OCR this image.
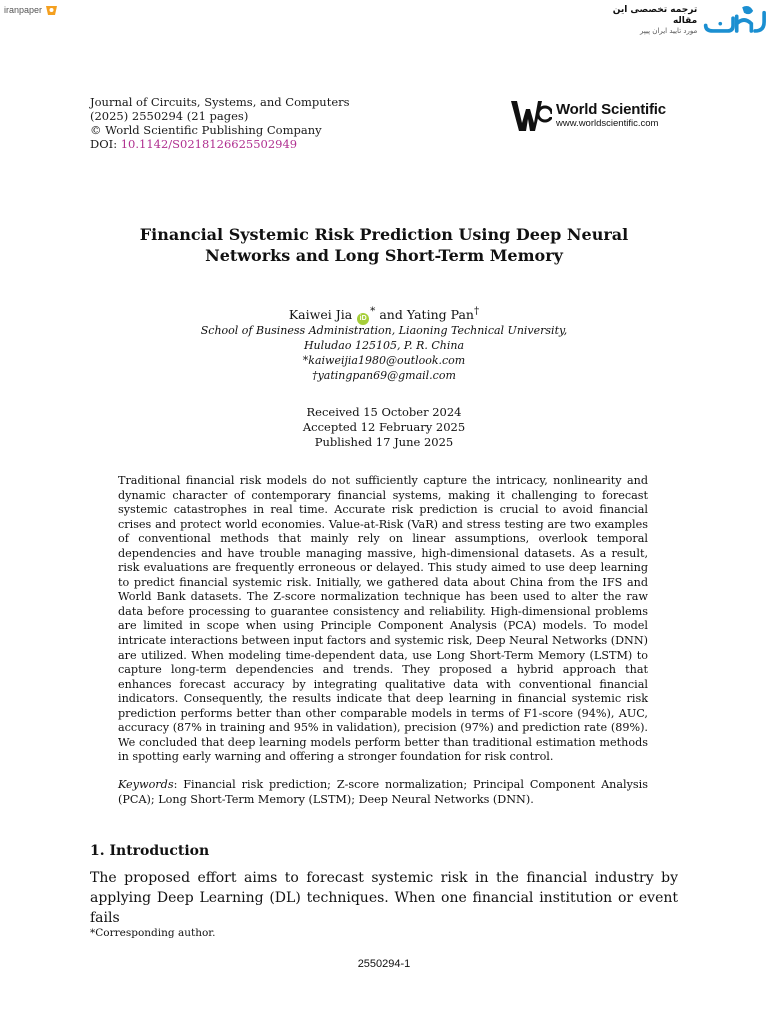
iranpaper	ترجمه تخصصی این مقاله
مورد تایید ایران پیپر
Journal of Circuits, Systems, and Computers
(2025) 2550294 (21 pages)
© World Scientific Publishing Company
DOI: 10.1142/S0218126625502949
World Scientific
www.worldscientific.com
Financial Systemic Risk Prediction Using Deep Neural
Networks and Long Short-Term Memory
Kaiwei Jia iD* and Yating Pan†
School of Business Administration, Liaoning Technical University,
Huludao 125105, P. R. China
*kaiweijia1980@outlook.com
†yatingpan69@gmail.com
Received 15 October 2024
Accepted 12 February 2025
Published 17 June 2025

Traditional financial risk models do not sufficiently capture the intricacy, nonlinearity and dynamic character of contemporary financial systems, making it challenging to forecast systemic catastrophes in real time. Accurate risk prediction is crucial to avoid financial crises and protect world economies. Value-at-Risk (VaR) and stress testing are two examples of conventional methods that mainly rely on linear assumptions, overlook temporal dependencies and have trouble managing massive, high-dimensional datasets. As a result, risk evaluations are frequently erroneous or delayed. This study aimed to use deep learning to predict financial systemic risk. Initially, we gathered data about China from the IFS and World Bank datasets. The Z-score normalization technique has been used to alter the raw data before processing to guarantee consistency and reliability. High-dimensional problems are limited in scope when using Principle Component Analysis (PCA) models. To model intricate interactions between input factors and systemic risk, Deep Neural Networks (DNN) are utilized. When modeling time-dependent data, use Long Short-Term Memory (LSTM) to capture long-term dependencies and trends. They proposed a hybrid approach that enhances forecast accuracy by integrating qualitative data with conventional financial indicators. Consequently, the results indicate that deep learning in financial systemic risk prediction performs better than other comparable models in terms of F1-score (94%), AUC, accuracy (87% in training and 95% in validation), precision (97%) and prediction rate (89%). We concluded that deep learning models perform better than traditional estimation methods in spotting early warning and offering a stronger foundation for risk control.

Keywords: Financial risk prediction; Z-score normalization; Principal Component Analysis (PCA); Long Short-Term Memory (LSTM); Deep Neural Networks (DNN).
1. Introduction
The proposed effort aims to forecast systemic risk in the financial industry by applying Deep Learning (DL) techniques. When one financial institution or event fails
*Corresponding author.
2550294-1
